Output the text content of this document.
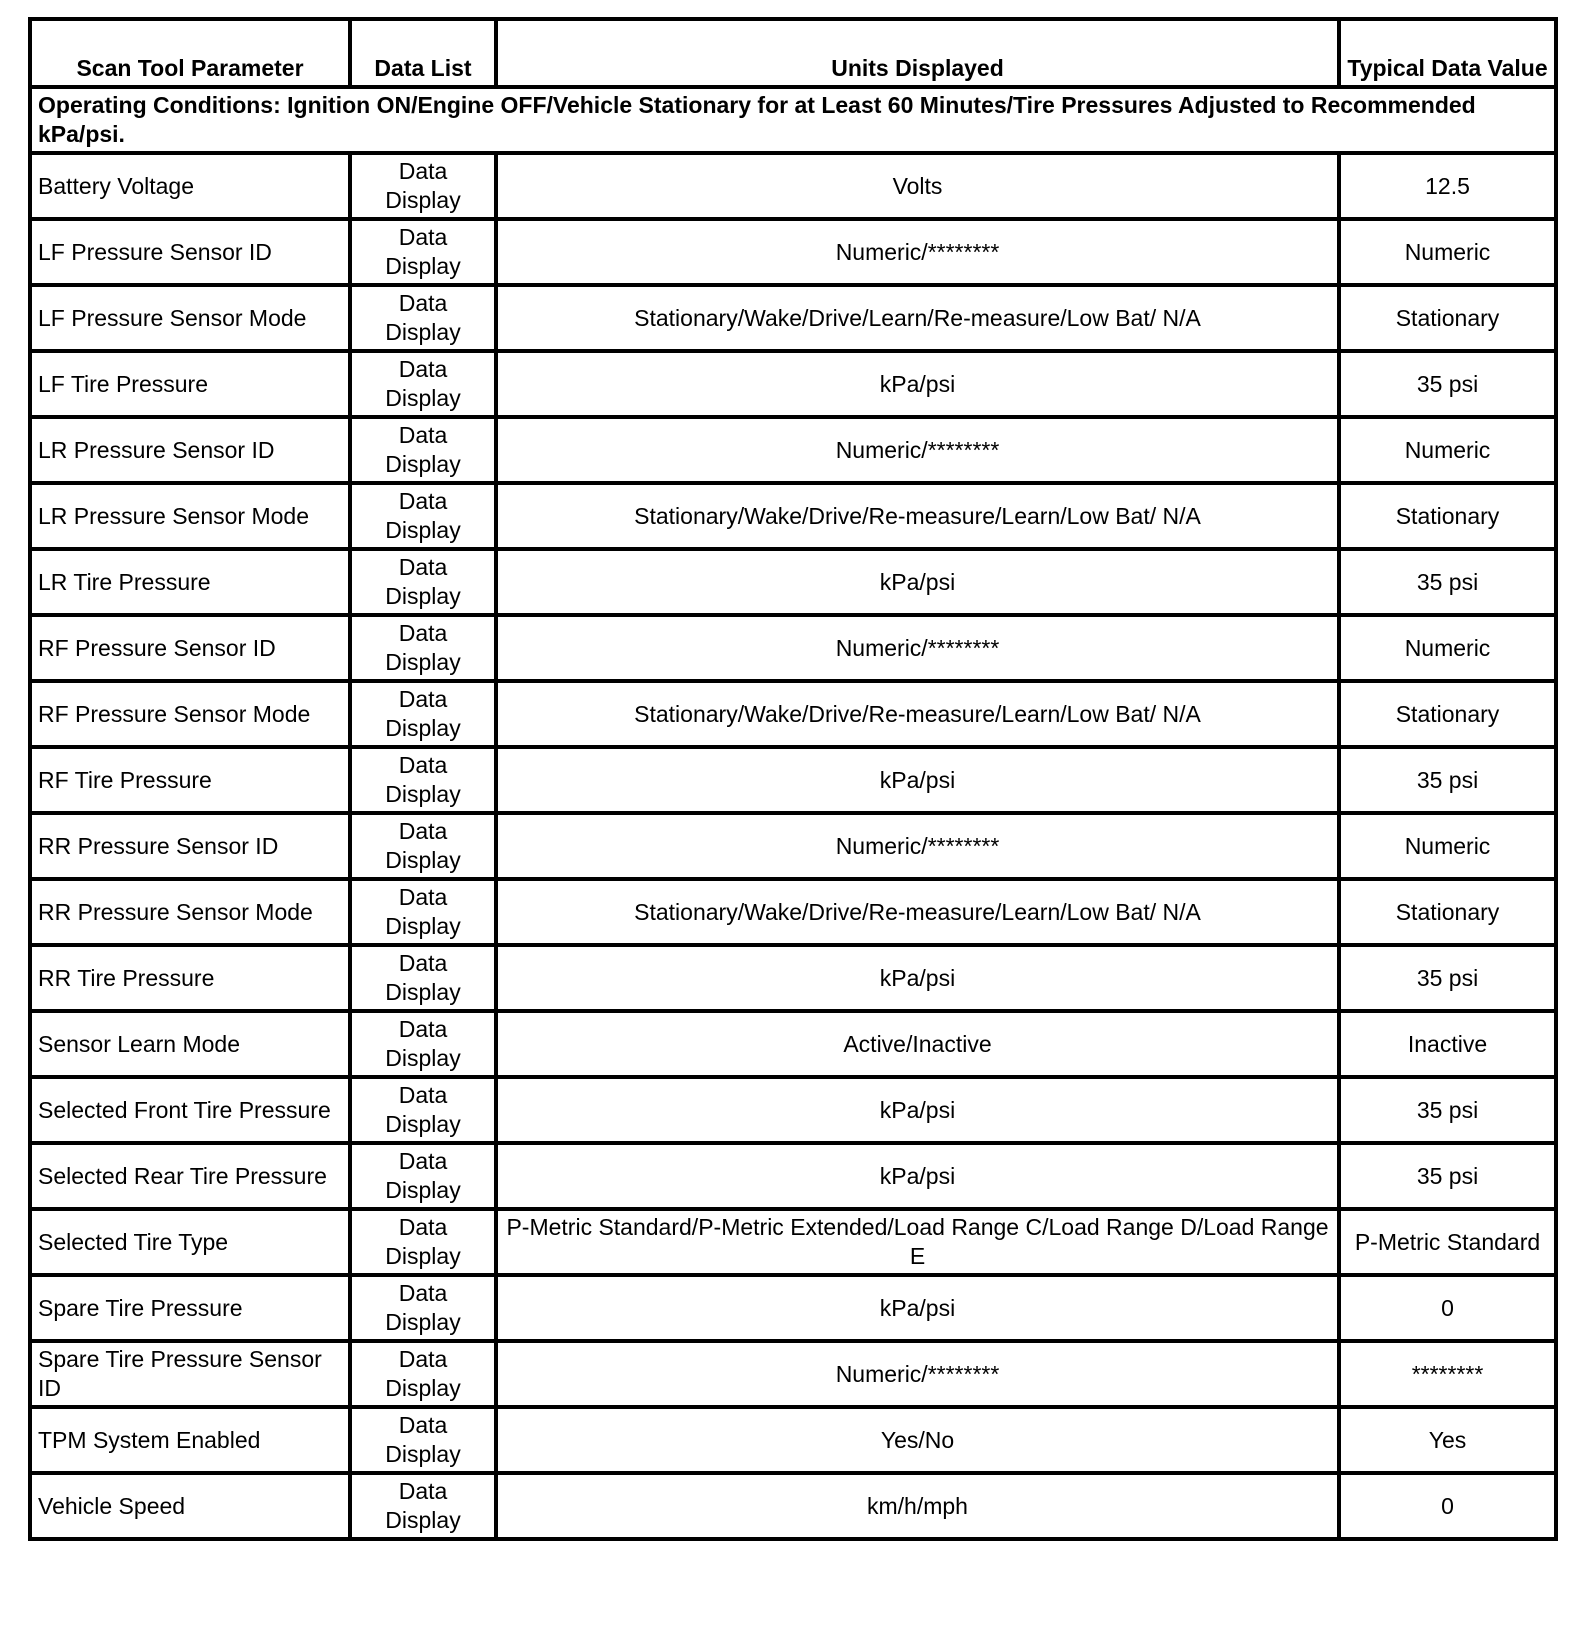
Scan Tool Parameter	Data List	Units Displayed	Typical Data Value
Operating Conditions: Ignition ON/Engine OFF/Vehicle Stationary for at Least 60 Minutes/Tire Pressures Adjusted to Recommended kPa/psi.			
Battery Voltage	Data Display	Volts	12.5
LF Pressure Sensor ID	Data Display	Numeric/********	Numeric
LF Pressure Sensor Mode	Data Display	Stationary/Wake/Drive/Learn/Re-measure/Low Bat/ N/A	Stationary
LF Tire Pressure	Data Display	kPa/psi	35 psi
LR Pressure Sensor ID	Data Display	Numeric/********	Numeric
LR Pressure Sensor Mode	Data Display	Stationary/Wake/Drive/Re-measure/Learn/Low Bat/ N/A	Stationary
LR Tire Pressure	Data Display	kPa/psi	35 psi
RF Pressure Sensor ID	Data Display	Numeric/********	Numeric
RF Pressure Sensor Mode	Data Display	Stationary/Wake/Drive/Re-measure/Learn/Low Bat/ N/A	Stationary
RF Tire Pressure	Data Display	kPa/psi	35 psi
RR Pressure Sensor ID	Data Display	Numeric/********	Numeric
RR Pressure Sensor Mode	Data Display	Stationary/Wake/Drive/Re-measure/Learn/Low Bat/ N/A	Stationary
RR Tire Pressure	Data Display	kPa/psi	35 psi
Sensor Learn Mode	Data Display	Active/Inactive	Inactive
Selected Front Tire Pressure	Data Display	kPa/psi	35 psi
Selected Rear Tire Pressure	Data Display	kPa/psi	35 psi
Selected Tire Type	Data Display	P-Metric Standard/P-Metric Extended/Load Range C/Load Range D/Load Range E	P-Metric Standard
Spare Tire Pressure	Data Display	kPa/psi	0
Spare Tire Pressure Sensor ID	Data Display	Numeric/********	********
TPM System Enabled	Data Display	Yes/No	Yes
Vehicle Speed	Data Display	km/h/mph	0
